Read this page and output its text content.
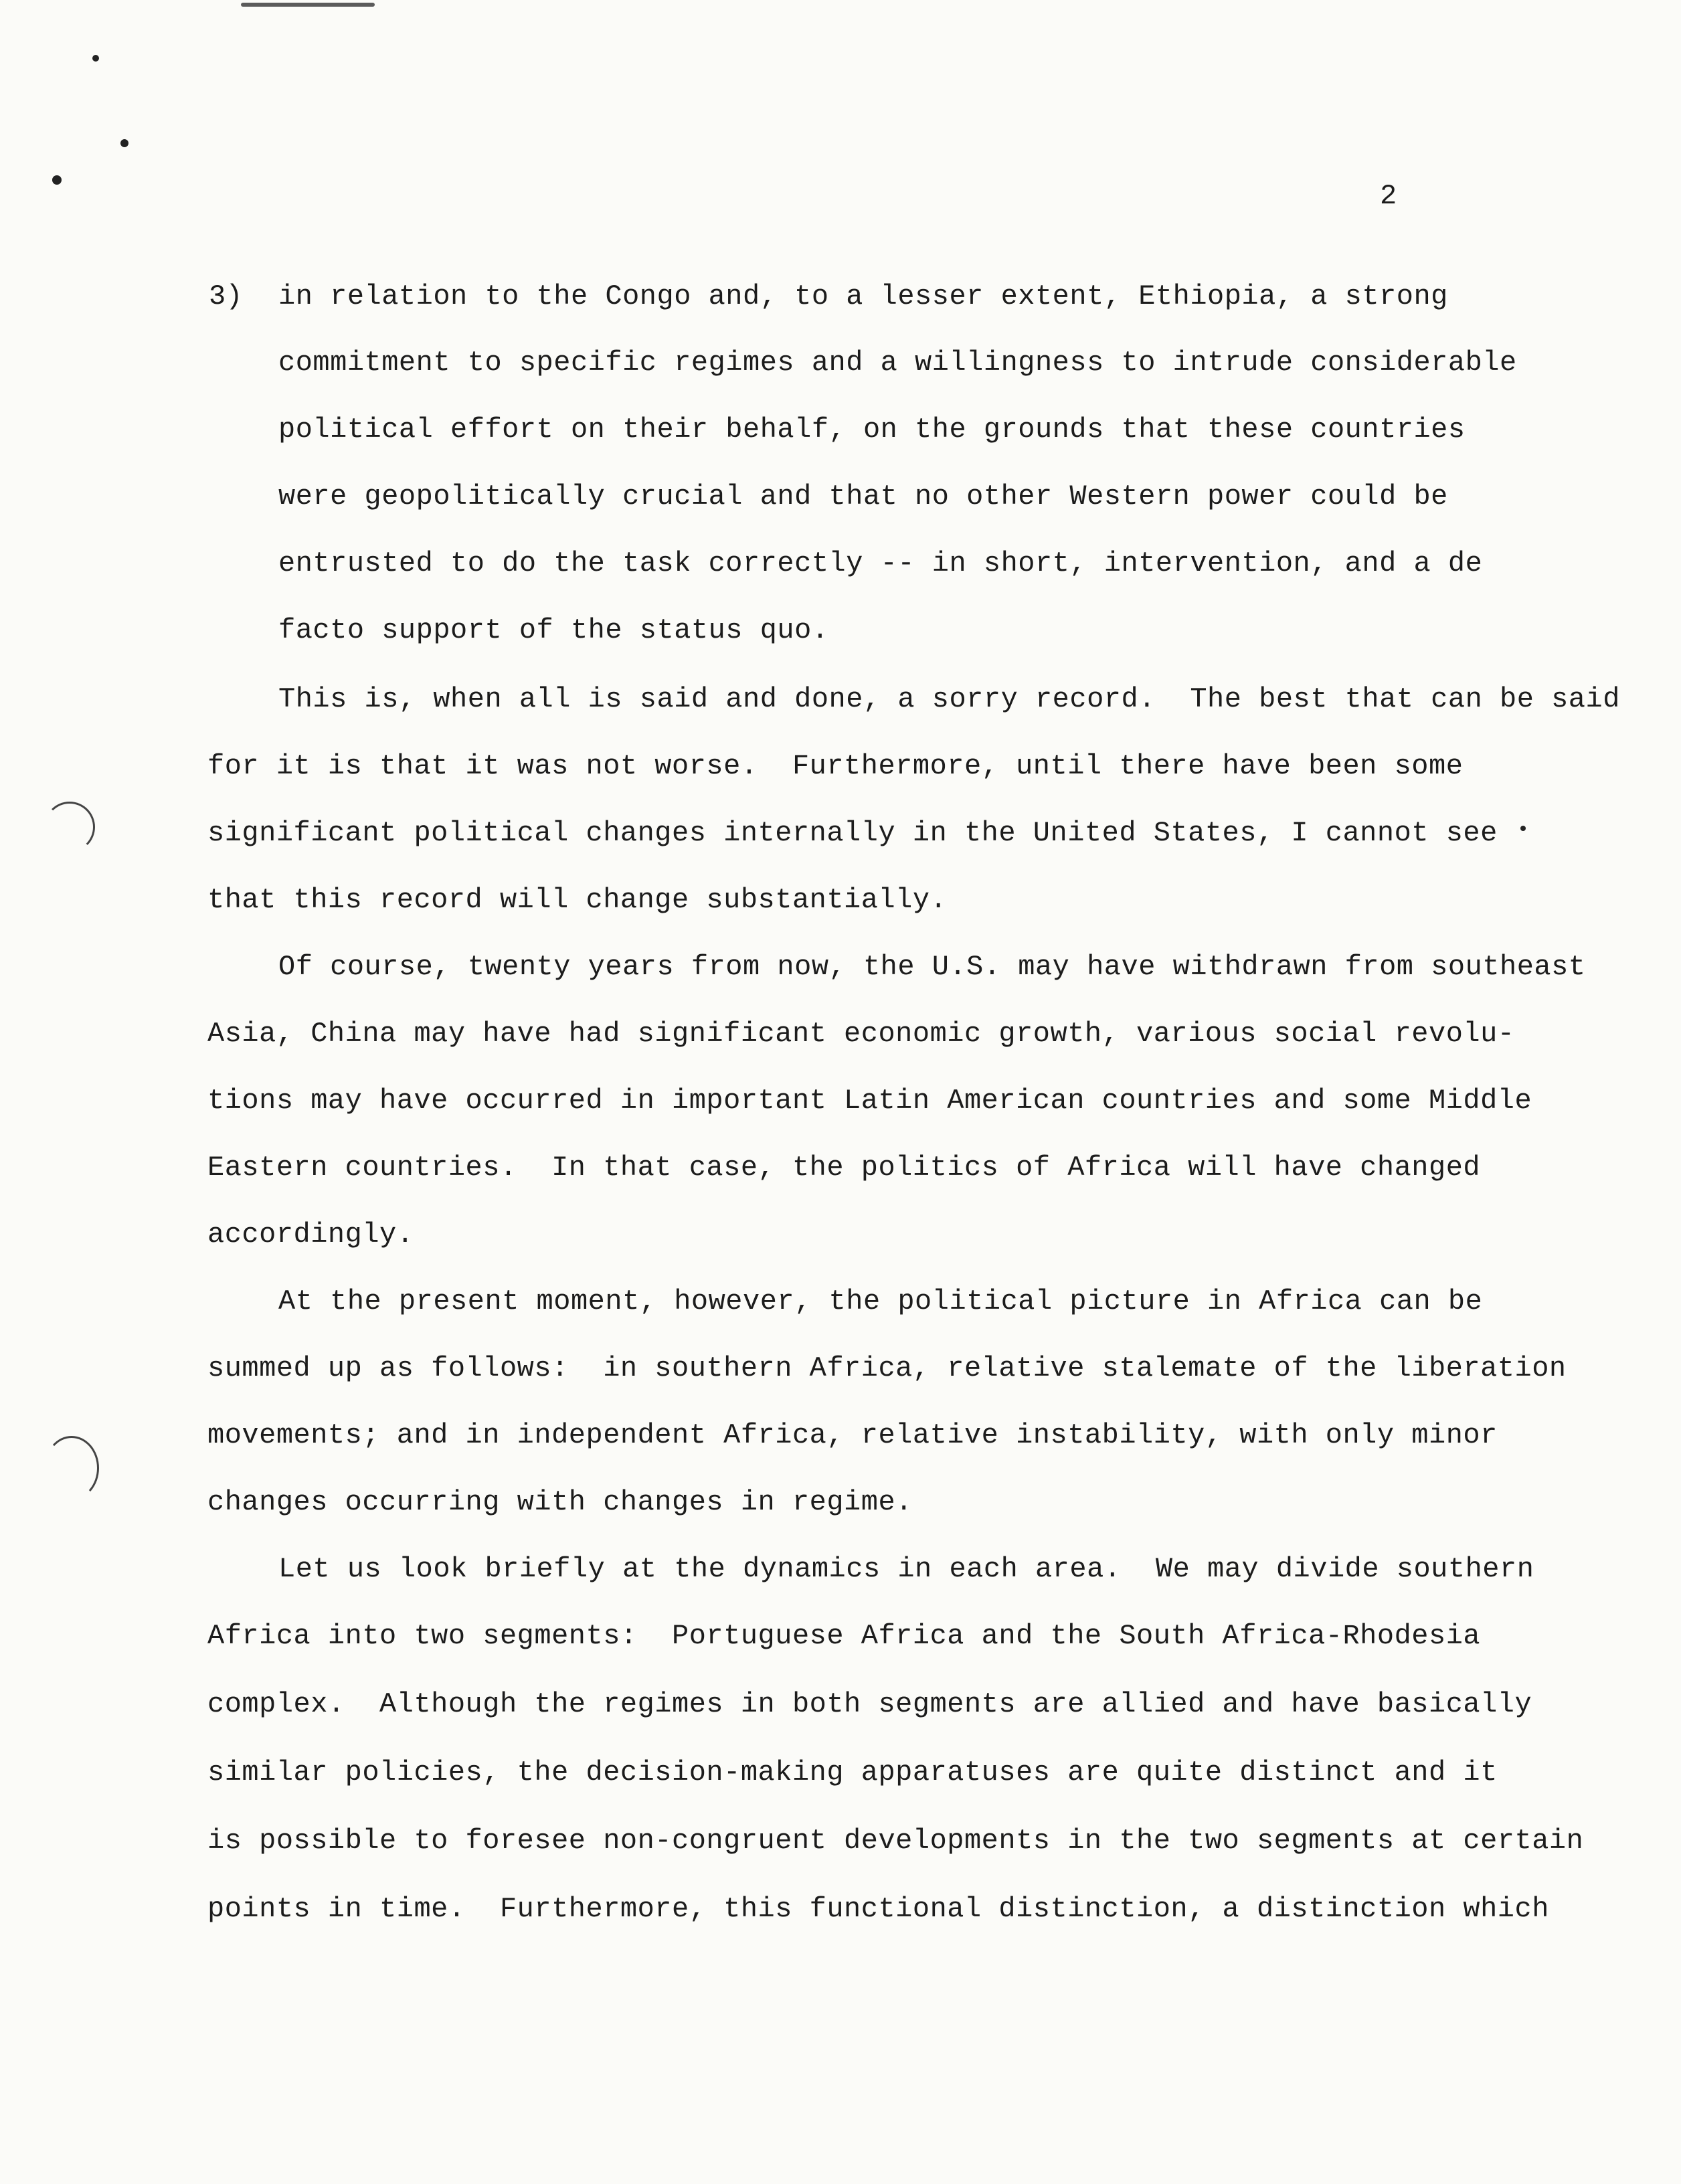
2
3) in relation to the Congo and, to a lesser extent, Ethiopia, a strong
commitment to specific regimes and a willingness to intrude considerable
political effort on their behalf, on the grounds that these countries
were geopolitically crucial and that no other Western power could be
entrusted to do the task correctly -- in short, intervention, and a de
facto support of the status quo.
This is, when all is said and done, a sorry record.  The best that can be said
for it is that it was not worse.  Furthermore, until there have been some
significant political changes internally in the United States, I cannot see
that this record will change substantially.
Of course, twenty years from now, the U.S. may have withdrawn from southeast
Asia, China may have had significant economic growth, various social revolu-
tions may have occurred in important Latin American countries and some Middle
Eastern countries.  In that case, the politics of Africa will have changed
accordingly.
At the present moment, however, the political picture in Africa can be
summed up as follows:  in southern Africa, relative stalemate of the liberation
movements; and in independent Africa, relative instability, with only minor
changes occurring with changes in regime.
Let us look briefly at the dynamics in each area.  We may divide southern
Africa into two segments:  Portuguese Africa and the South Africa-Rhodesia
complex.  Although the regimes in both segments are allied and have basically
similar policies, the decision-making apparatuses are quite distinct and it
is possible to foresee non-congruent developments in the two segments at certain
points in time.  Furthermore, this functional distinction, a distinction which
